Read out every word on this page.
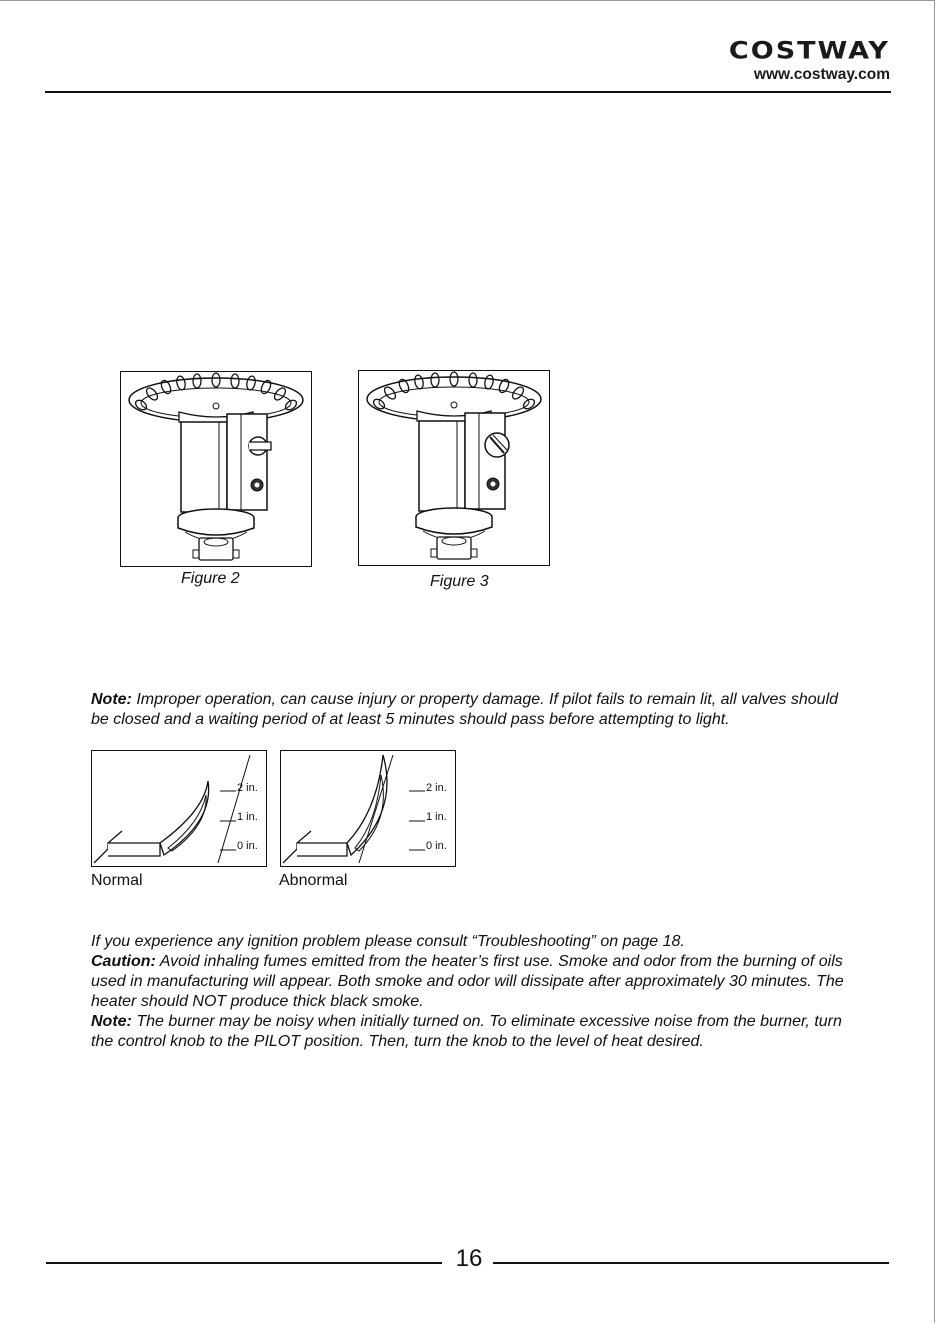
COSTWAY
www.costway.com
Figure 2	Figure 3

Note: Improper operation, can cause injury or property damage. If pilot fails to remain lit, all valves should be closed and a waiting period of at least 5 minutes should pass before attempting to light.

2 in.
1 in.
0 in.
Normal
2 in.
1 in.
0 in.
Abnormal

If you experience any ignition problem please consult “Troubleshooting” on page 18.

Caution: Avoid inhaling fumes emitted from the heater’s first use. Smoke and odor from the burning of oils used in manufacturing will appear. Both smoke and odor will dissipate after approximately 30 minutes. The heater should NOT produce thick black smoke.

Note: The burner may be noisy when initially turned on. To eliminate excessive noise from the burner, turn the control knob to the PILOT position. Then, turn the knob to the level of heat desired.

16
